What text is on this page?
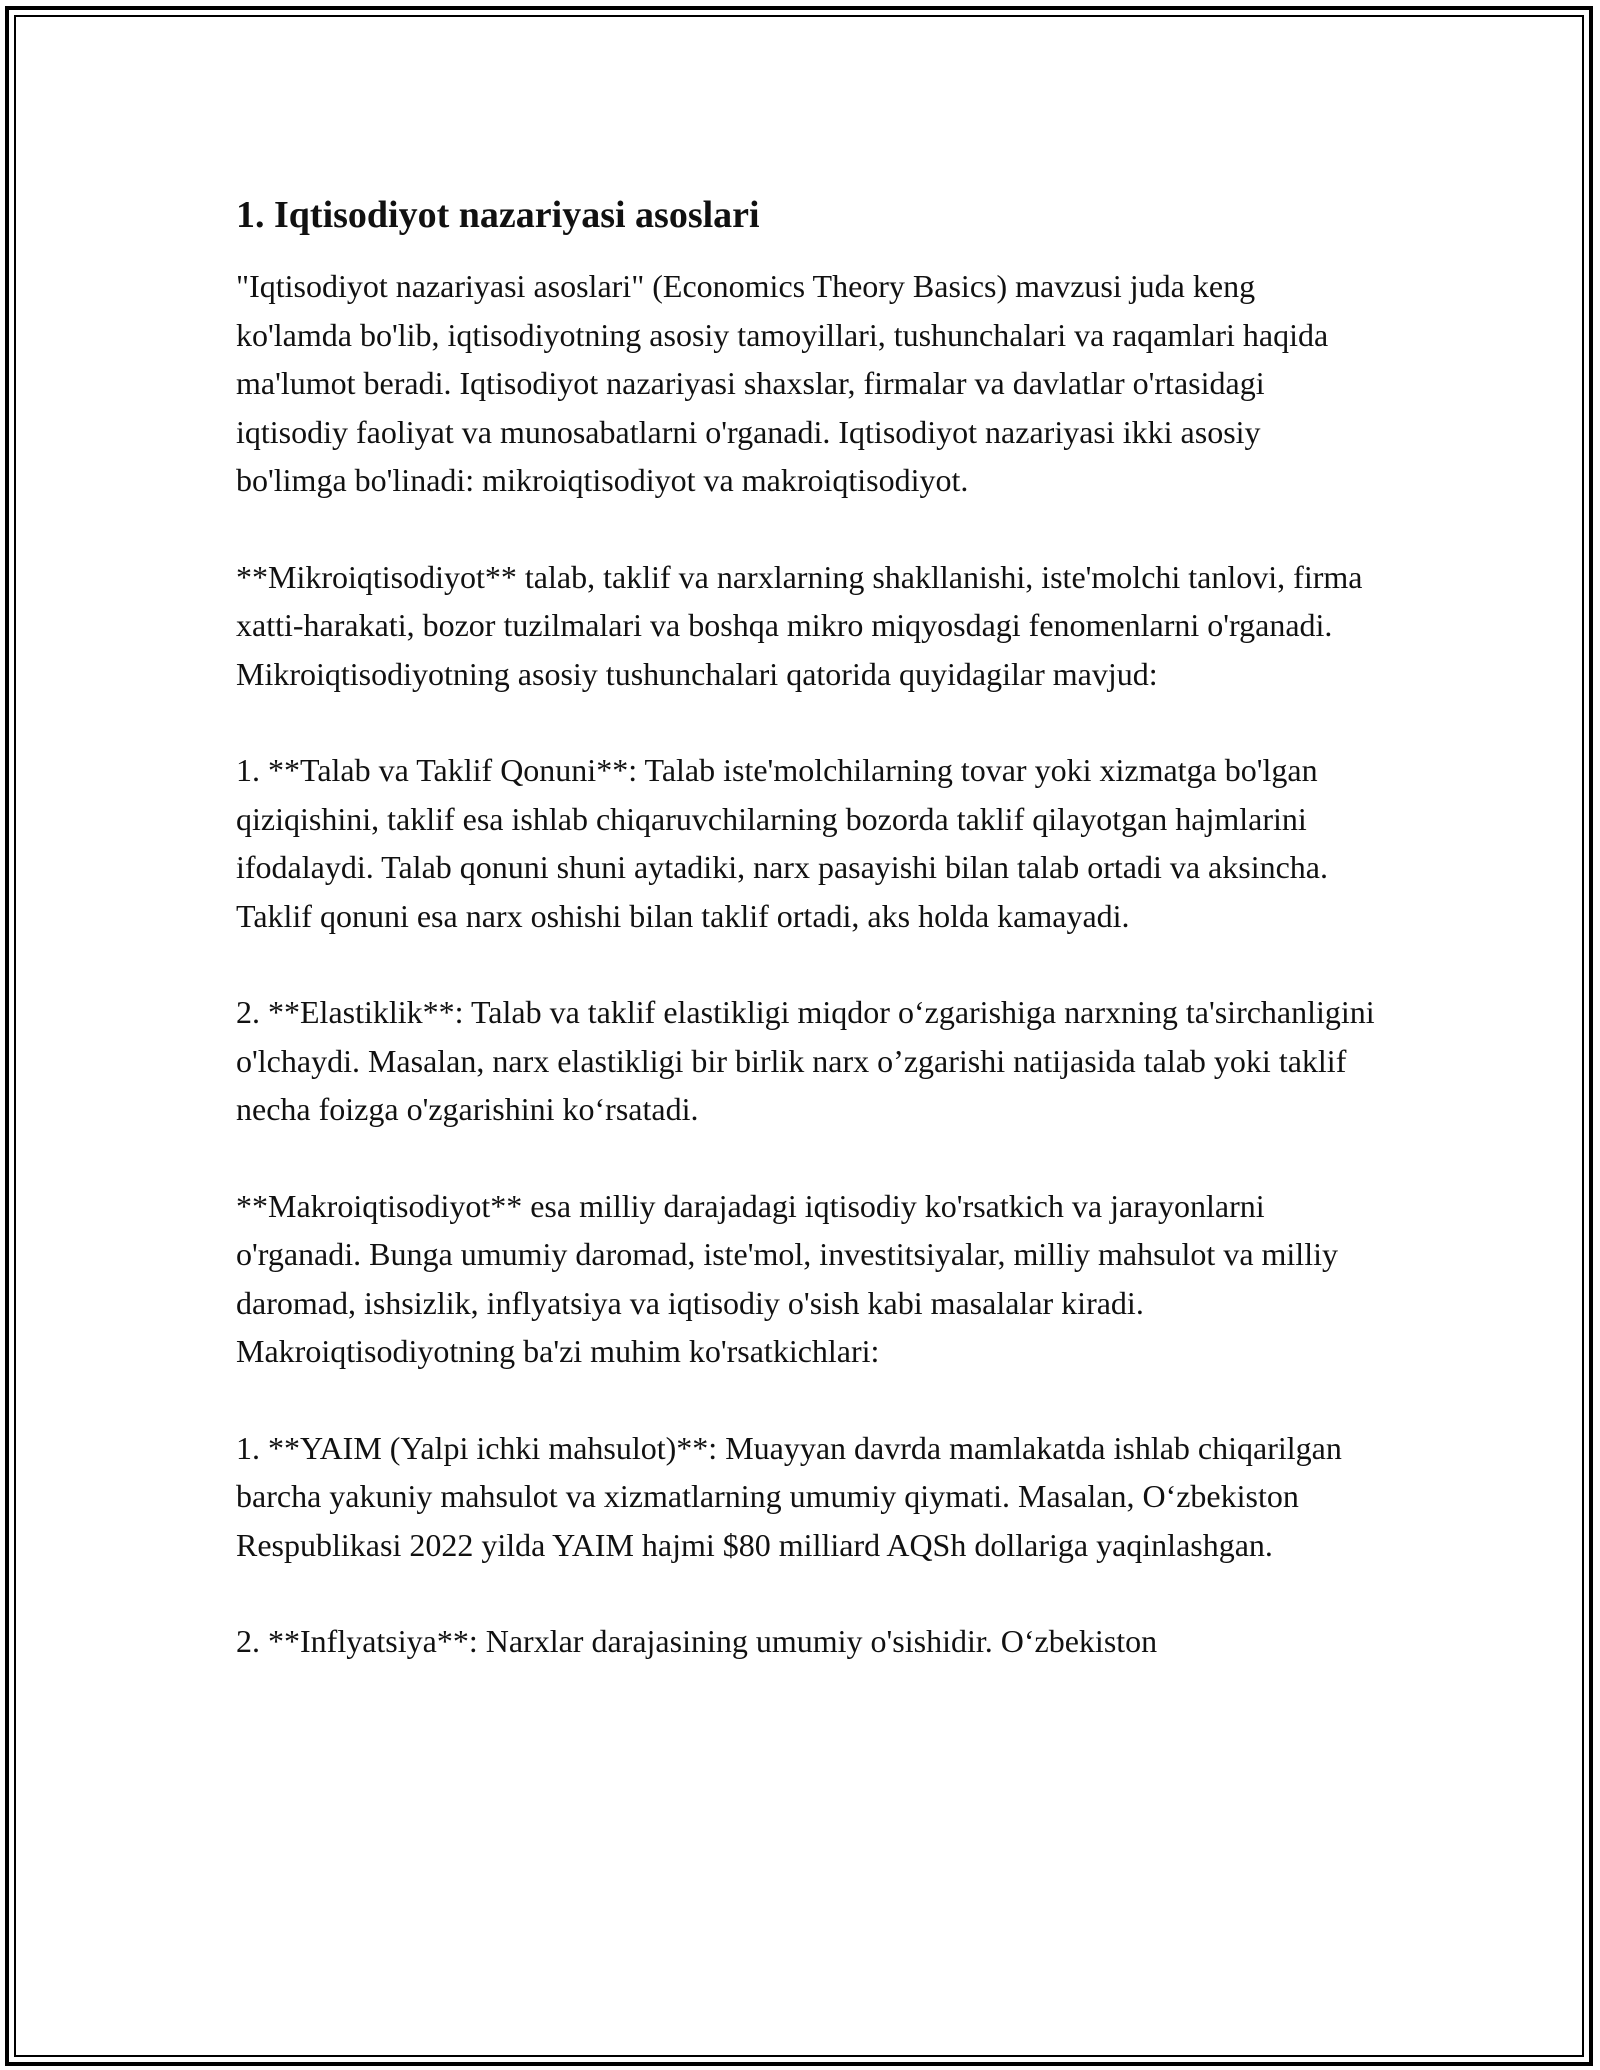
1. Iqtisodiyot nazariyasi asoslari

"Iqtisodiyot nazariyasi asoslari" (Economics Theory Basics) mavzusi juda keng ko'lamda bo'lib, iqtisodiyotning asosiy tamoyillari, tushunchalari va raqamlari haqida ma'lumot beradi. Iqtisodiyot nazariyasi shaxslar, firmalar va davlatlar o'rtasidagi iqtisodiy faoliyat va munosabatlarni o'rganadi. Iqtisodiyot nazariyasi ikki asosiy bo'limga bo'linadi: mikroiqtisodiyot va makroiqtisodiyot.

**Mikroiqtisodiyot** talab, taklif va narxlarning shakllanishi, iste'molchi tanlovi, firma xatti-harakati, bozor tuzilmalari va boshqa mikro miqyosdagi fenomenlarni o'rganadi. Mikroiqtisodiyotning asosiy tushunchalari qatorida quyidagilar mavjud:

1. **Talab va Taklif Qonuni**: Talab iste'molchilarning tovar yoki xizmatga bo'lgan qiziqishini, taklif esa ishlab chiqaruvchilarning bozorda taklif qilayotgan hajmlarini ifodalaydi. Talab qonuni shuni aytadiki, narx pasayishi bilan talab ortadi va aksincha. Taklif qonuni esa narx oshishi bilan taklif ortadi, aks holda kamayadi.

2. **Elastiklik**: Talab va taklif elastikligi miqdor oʻzgarishiga narxning ta'sirchanligini o'lchaydi. Masalan, narx elastikligi bir birlik narx o’zgarishi natijasida talab yoki taklif necha foizga o'zgarishini koʻrsatadi.

**Makroiqtisodiyot** esa milliy darajadagi iqtisodiy ko'rsatkich va jarayonlarni o'rganadi. Bunga umumiy daromad, iste'mol, investitsiyalar, milliy mahsulot va milliy daromad, ishsizlik, inflyatsiya va iqtisodiy o'sish kabi masalalar kiradi. Makroiqtisodiyotning ba'zi muhim ko'rsatkichlari:

1. **YAIM (Yalpi ichki mahsulot)**: Muayyan davrda mamlakatda ishlab chiqarilgan barcha yakuniy mahsulot va xizmatlarning umumiy qiymati. Masalan, Oʻzbekiston Respublikasi 2022 yilda YAIM hajmi $80 milliard AQSh dollariga yaqinlashgan.

2. **Inflyatsiya**: Narxlar darajasining umumiy o'sishidir. Oʻzbekiston
